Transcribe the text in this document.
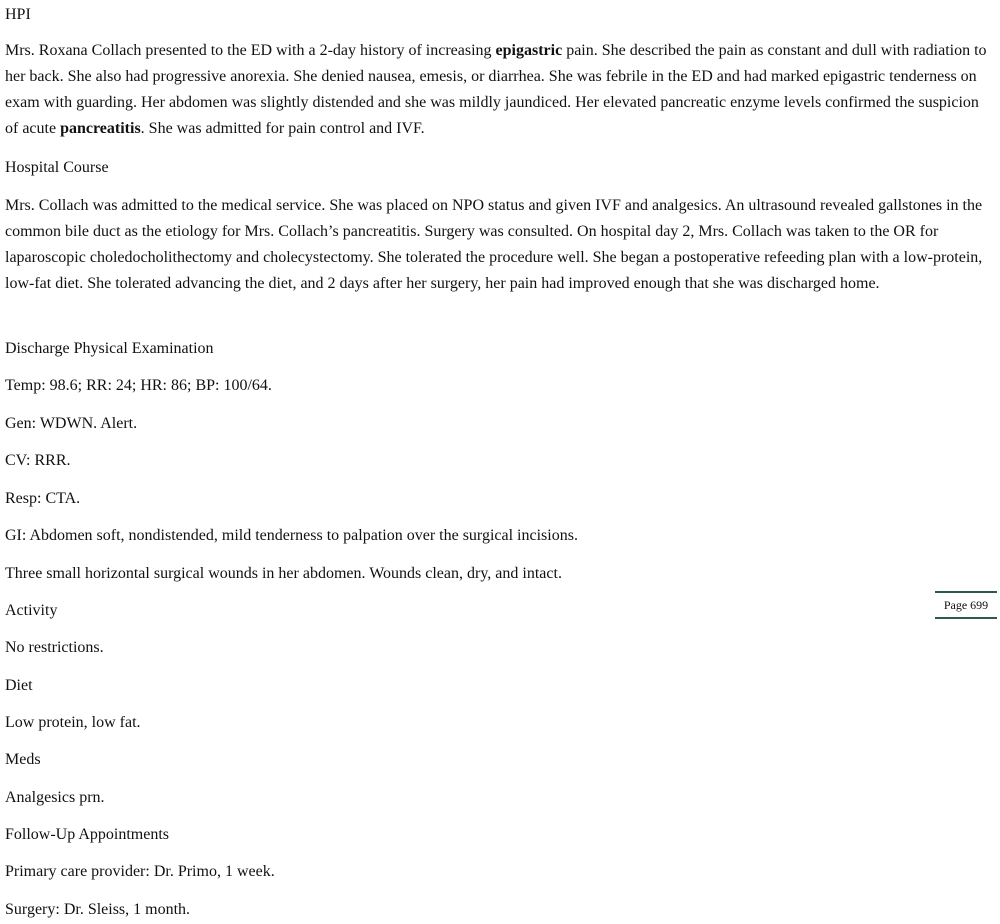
HPI

Mrs. Roxana Collach presented to the ED with a 2-day history of increasing epigastric pain. She described the pain as constant and dull with radiation to her back. She also had progressive anorexia. She denied nausea, emesis, or diarrhea. She was febrile in the ED and had marked epigastric tenderness on exam with guarding. Her abdomen was slightly distended and she was mildly jaundiced. Her elevated pancreatic enzyme levels confirmed the suspicion of acute pancreatitis. She was admitted for pain control and IVF.

Hospital Course

Mrs. Collach was admitted to the medical service. She was placed on NPO status and given IVF and analgesics. An ultrasound revealed gallstones in the common bile duct as the etiology for Mrs. Collach’s pancreatitis. Surgery was consulted. On hospital day 2, Mrs. Collach was taken to the OR for laparoscopic choledocholithectomy and cholecystectomy. She tolerated the procedure well. She began a postoperative refeeding plan with a low-protein, low-fat diet. She tolerated advancing the diet, and 2 days after her surgery, her pain had improved enough that she was discharged home.

Discharge Physical Examination

Temp: 98.6; RR: 24; HR: 86; BP: 100/64.

Gen: WDWN. Alert.

CV: RRR.

Resp: CTA.

GI: Abdomen soft, nondistended, mild tenderness to palpation over the surgical incisions.

Three small horizontal surgical wounds in her abdomen. Wounds clean, dry, and intact.

Activity

No restrictions.

Diet

Low protein, low fat.

Meds

Analgesics prn.

Follow-Up Appointments

Primary care provider: Dr. Primo, 1 week.

Surgery: Dr. Sleiss, 1 month.

Page 699
